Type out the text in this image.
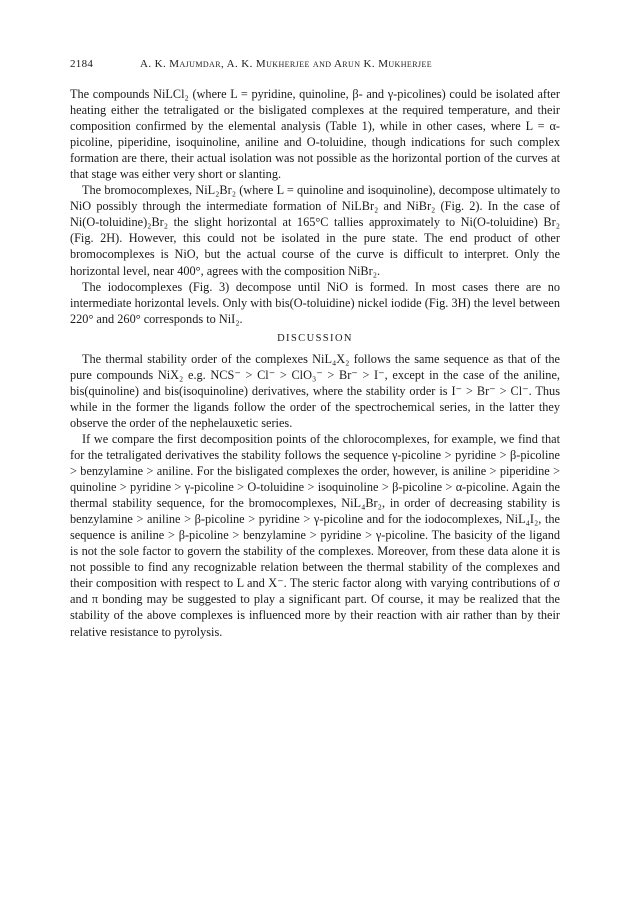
2184	A. K. Majumdar, A. K. Mukherjee and Arun K. Mukherjee

The compounds NiLCl₂ (where L = pyridine, quinoline, β- and γ-picolines) could be isolated after heating either the tetraligated or the bisligated complexes at the required temperature, and their composition confirmed by the elemental analysis (Table 1), while in other cases, where L = α-picoline, piperidine, isoquinoline, aniline and O-toluidine, though indications for such complex formation are there, their actual isolation was not possible as the horizontal portion of the curves at that stage was either very short or slanting.

The bromocomplexes, NiL₂Br₂ (where L = quinoline and isoquinoline), decompose ultimately to NiO possibly through the intermediate formation of NiLBr₂ and NiBr₂ (Fig. 2). In the case of Ni(O-toluidine)₂Br₂ the slight horizontal at 165°C tallies approximately to Ni(O-toluidine) Br₂ (Fig. 2H). However, this could not be isolated in the pure state. The end product of other bromocomplexes is NiO, but the actual course of the curve is difficult to interpret. Only the horizontal level, near 400°, agrees with the composition NiBr₂.

The iodocomplexes (Fig. 3) decompose until NiO is formed. In most cases there are no intermediate horizontal levels. Only with bis(O-toluidine) nickel iodide (Fig. 3H) the level between 220° and 260° corresponds to NiI₂.

DISCUSSION

The thermal stability order of the complexes NiL₄X₂ follows the same sequence as that of the pure compounds NiX₂ e.g. NCS⁻ > Cl⁻ > ClO₃⁻ > Br⁻ > I⁻, except in the case of the aniline, bis(quinoline) and bis(isoquinoline) derivatives, where the stability order is I⁻ > Br⁻ > Cl⁻. Thus while in the former the ligands follow the order of the spectrochemical series, in the latter they observe the order of the nephelauxetic series.

If we compare the first decomposition points of the chlorocomplexes, for example, we find that for the tetraligated derivatives the stability follows the sequence γ-picoline > pyridine > β-picoline > benzylamine > aniline. For the bisligated complexes the order, however, is aniline > piperidine > quinoline > pyridine > γ-picoline > O-toluidine > isoquinoline > β-picoline > α-picoline. Again the thermal stability sequence, for the bromocomplexes, NiL₄Br₂, in order of decreasing stability is benzylamine > aniline > β-picoline > pyridine > γ-picoline and for the iodocomplexes, NiL₄I₂, the sequence is aniline > β-picoline > benzylamine > pyridine > γ-picoline. The basicity of the ligand is not the sole factor to govern the stability of the complexes. Moreover, from these data alone it is not possible to find any recognizable relation between the thermal stability of the complexes and their composition with respect to L and X⁻. The steric factor along with varying contributions of σ and π bonding may be suggested to play a significant part. Of course, it may be realized that the stability of the above complexes is influenced more by their reaction with air rather than by their relative resistance to pyrolysis.
